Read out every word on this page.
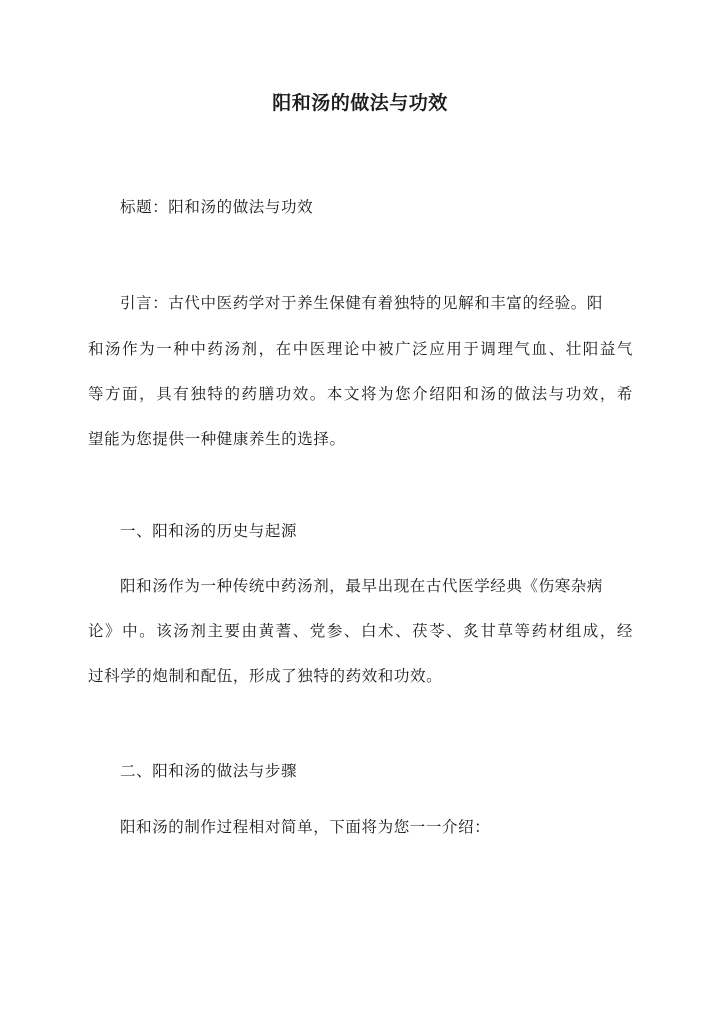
阳和汤的做法与功效
标题：阳和汤的做法与功效
引言：古代中医药学对于养生保健有着独特的见解和丰富的经验。阳
和汤作为一种中药汤剂，在中医理论中被广泛应用于调理气血、壮阳益气
等方面，具有独特的药膳功效。本文将为您介绍阳和汤的做法与功效，希
望能为您提供一种健康养生的选择。
一、阳和汤的历史与起源
阳和汤作为一种传统中药汤剂，最早出现在古代医学经典《伤寒杂病
论》中。该汤剂主要由黄蓍、党参、白术、茯苓、炙甘草等药材组成，经
过科学的炮制和配伍，形成了独特的药效和功效。
二、阳和汤的做法与步骤
阳和汤的制作过程相对简单，下面将为您一一介绍：
